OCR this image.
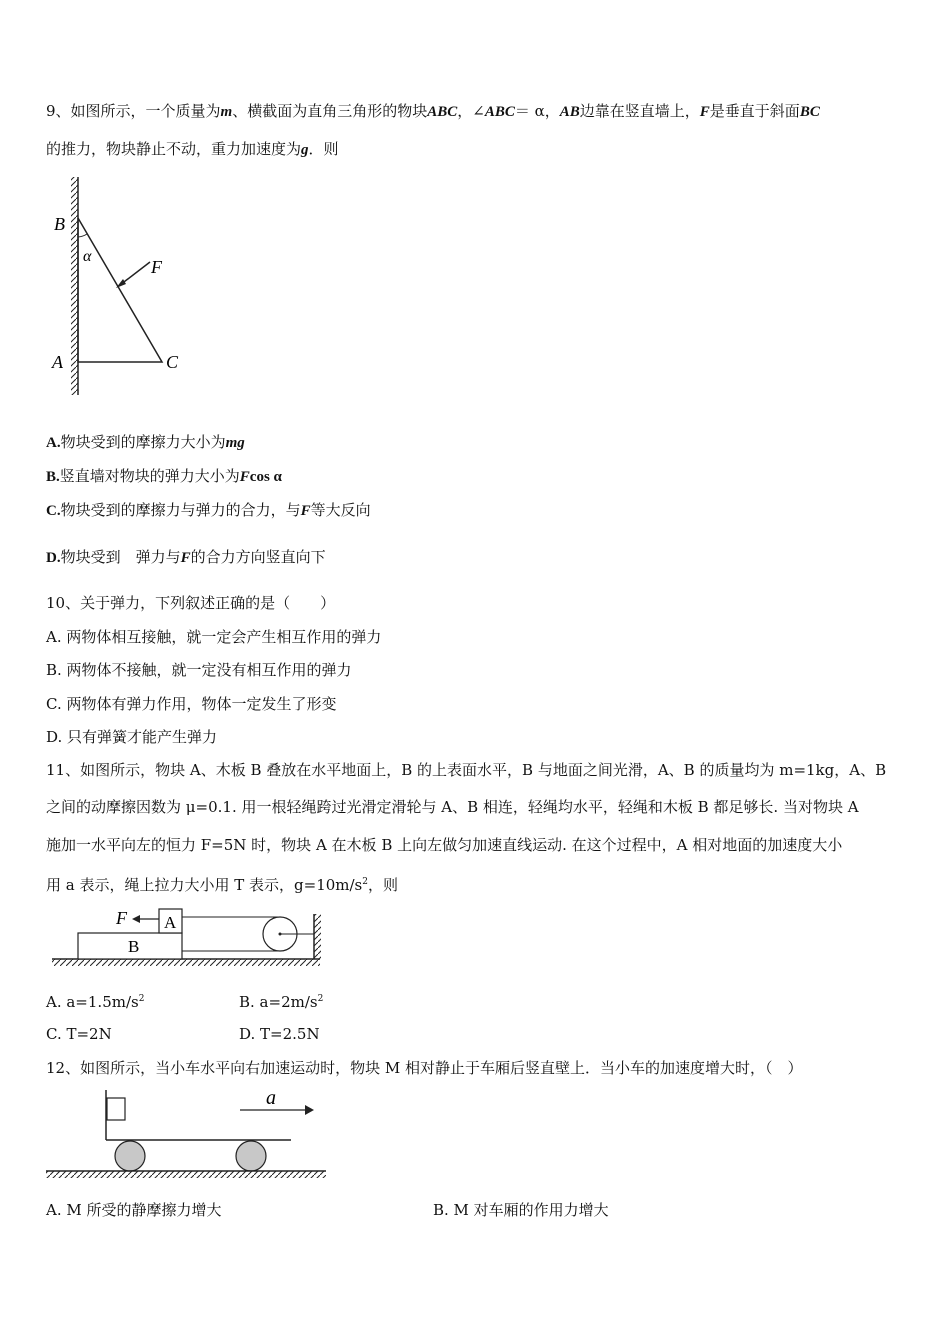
9、如图所示，一个质量为m、横截面为直角三角形的物块ABC，∠ABC＝ α，AB边靠在竖直墙上，F是垂直于斜面BC
的推力，物块静止不动，重力加速度为g．则
B
α
F
A	C
A.物块受到的摩擦力大小为mg
B.竖直墙对物块的弹力大小为Fcos α
C.物块受到的摩擦力与弹力的合力，与F等大反向
D.物块受到　弹力与F的合力方向竖直向下
10、关于弹力，下列叙述正确的是（　　）
A. 两物体相互接触，就一定会产生相互作用的弹力
B. 两物体不接触，就一定没有相互作用的弹力
C. 两物体有弹力作用，物体一定发生了形变
D. 只有弹簧才能产生弹力
11、如图所示，物块 A、木板 B 叠放在水平地面上，B 的上表面水平，B 与地面之间光滑，A、B 的质量均为 m=1kg，A、B
之间的动摩擦因数为 μ=0.1. 用一根轻绳跨过光滑定滑轮与 A、B 相连，轻绳均水平，轻绳和木板 B 都足够长. 当对物块 A
施加一水平向左的恒力 F=5N 时，物块 A 在木板 B 上向左做匀加速直线运动. 在这个过程中，A 相对地面的加速度大小
用 a 表示，绳上拉力大小用 T 表示，$g=10m/s^2$，则
F A
B
A. $a=1.5m/s^2$	B. $a=2m/s^2$
C. T=2N	D. T=2.5N
12、如图所示，当小车水平向右加速运动时，物块 M 相对静止于车厢后竖直壁上．当小车的加速度增大时，（　）
a
A. M 所受的静摩擦力增大	B. M 对车厢的作用力增大
